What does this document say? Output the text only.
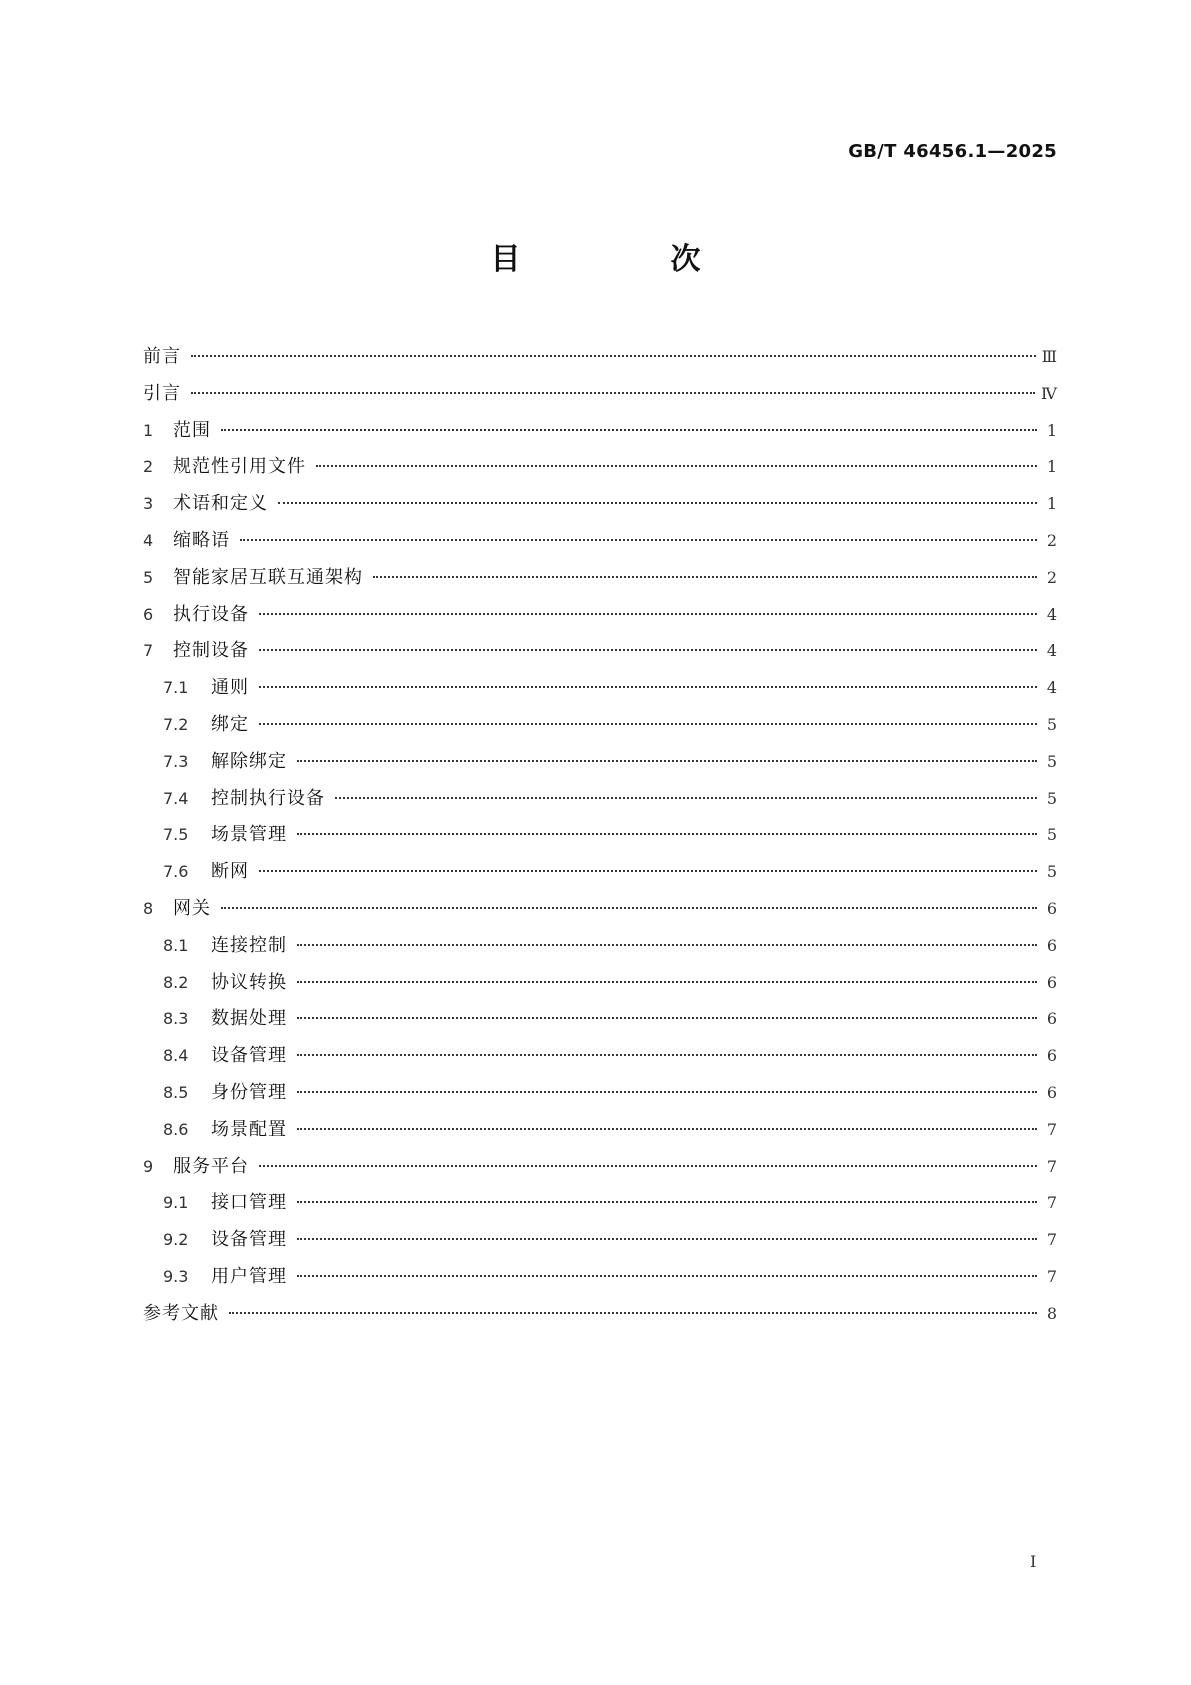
GB/T 46456.1—2025
目　次
前言	Ⅲ
引言	Ⅳ
1	范围	1
2	规范性引用文件	1
3	术语和定义	1
4	缩略语	2
5	智能家居互联互通架构	2
6	执行设备	4
7	控制设备	4
7.1	通则	4
7.2	绑定	5
7.3	解除绑定	5
7.4	控制执行设备	5
7.5	场景管理	5
7.6	断网	5
8	网关	6
8.1	连接控制	6
8.2	协议转换	6
8.3	数据处理	6
8.4	设备管理	6
8.5	身份管理	6
8.6	场景配置	7
9	服务平台	7
9.1	接口管理	7
9.2	设备管理	7
9.3	用户管理	7
参考文献	8
Ⅰ
